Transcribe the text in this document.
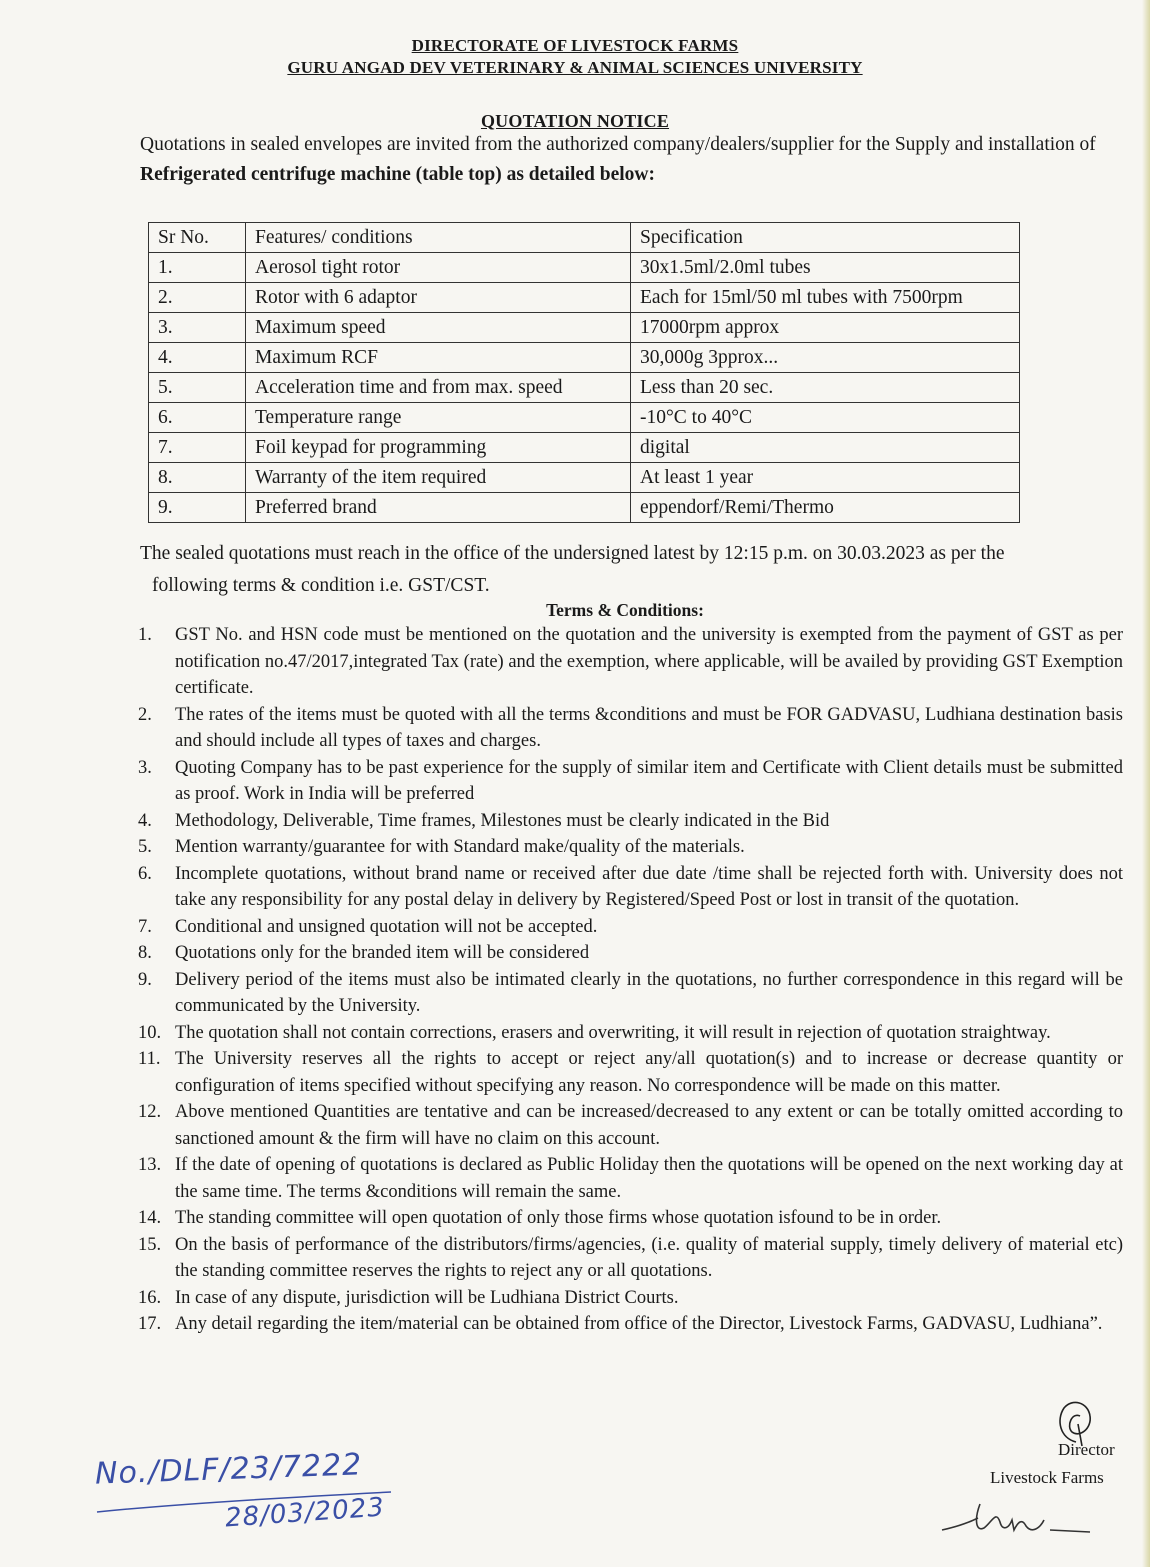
DIRECTORATE OF LIVESTOCK FARMS
GURU ANGAD DEV VETERINARY & ANIMAL SCIENCES UNIVERSITY
QUOTATION NOTICE
Quotations in sealed envelopes are invited from the authorized company/dealers/supplier for the Supply and installation of Refrigerated centrifuge machine (table top) as detailed below:
Sr No.	Features/ conditions	Specification
1.	Aerosol tight rotor	30x1.5ml/2.0ml tubes
2.	Rotor with 6 adaptor	Each for 15ml/50 ml tubes with 7500rpm
3.	Maximum speed	17000rpm approx
4.	Maximum RCF	30,000g 3pprox...
5.	Acceleration time and from max. speed	Less than 20 sec.
6.	Temperature range	-10°C to 40°C
7.	Foil keypad for programming	digital
8.	Warranty of the item required	At least 1 year
9.	Preferred brand	eppendorf/Remi/Thermo
The sealed quotations must reach in the office of the undersigned latest by 12:15 p.m. on 30.03.2023 as per the
following terms & condition i.e. GST/CST.
Terms & Conditions:
1.	GST No. and HSN code must be mentioned on the quotation and the university is exempted from the payment of GST as per notification no.47/2017,integrated Tax (rate) and the exemption, where applicable, will be availed by providing GST Exemption certificate.
2.	The rates of the items must be quoted with all the terms &conditions and must be FOR GADVASU, Ludhiana destination basis and should include all types of taxes and charges.
3.	Quoting Company has to be past experience for the supply of similar item and Certificate with Client details must be submitted as proof. Work in India will be preferred
4.	Methodology, Deliverable, Time frames, Milestones must be clearly indicated in the Bid
5.	Mention warranty/guarantee for with Standard make/quality of the materials.
6.	Incomplete quotations, without brand name or received after due date /time shall be rejected forth with. University does not take any responsibility for any postal delay in delivery by Registered/Speed Post or lost in transit of the quotation.
7.	Conditional and unsigned quotation will not be accepted.
8.	Quotations only for the branded item will be considered
9.	Delivery period of the items must also be intimated clearly in the quotations, no further correspondence in this regard will be communicated by the University.
10. The quotation shall not contain corrections, erasers and overwriting, it will result in rejection of quotation straightway.
11. The University reserves all the rights to accept or reject any/all quotation(s) and to increase or decrease quantity or configuration of items specified without specifying any reason. No correspondence will be made on this matter.
12. Above mentioned Quantities are tentative and can be increased/decreased to any extent or can be totally omitted according to sanctioned amount & the firm will have no claim on this account.
13. If the date of opening of quotations is declared as Public Holiday then the quotations will be opened on the next working day at the same time. The terms &conditions will remain the same.
14. The standing committee will open quotation of only those firms whose quotation isfound to be in order.
15. On the basis of performance of the distributors/firms/agencies, (i.e. quality of material supply, timely delivery of material etc) the standing committee reserves the rights to reject any or all quotations.
16. In case of any dispute, jurisdiction will be Ludhiana District Courts.
17. Any detail regarding the item/material can be obtained from office of the Director, Livestock Farms, GADVASU, Ludhiana”.
Director
Livestock Farms
No./DLF/23/7222
28/03/2023
